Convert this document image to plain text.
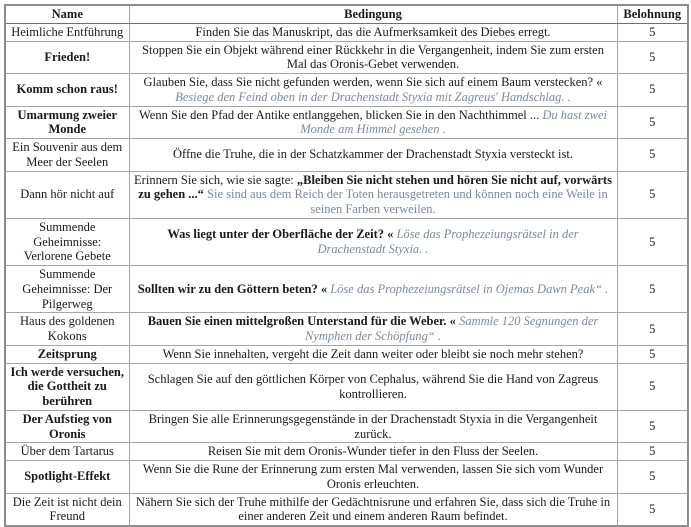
Name	Bedingung	Belohnung
Heimliche Entführung	Finden Sie das Manuskript, das die Aufmerksamkeit des Diebes erregt.	5
Frieden!	Stoppen Sie ein Objekt während einer Rückkehr in die Vergangenheit, indem Sie zum ersten Mal das Oronis-Gebet verwenden.	5
Komm schon raus!	Glauben Sie, dass Sie nicht gefunden werden, wenn Sie sich auf einem Baum verstecken? « Besiege den Feind oben in der Drachenstadt Styxia mit Zagreus' Handschlag. .	5
Umarmung zweier Monde	Wenn Sie den Pfad der Antike entlanggehen, blicken Sie in den Nachthimmel ... Du hast zwei Monde am Himmel gesehen .	5
Ein Souvenir aus dem Meer der Seelen	Öffne die Truhe, die in der Schatzkammer der Drachenstadt Styxia versteckt ist.	5
Dann hör nicht auf	Erinnern Sie sich, wie sie sagte: „Bleiben Sie nicht stehen und hören Sie nicht auf, vorwärts zu gehen ...“ Sie sind aus dem Reich der Toten herausgetreten und können noch eine Weile in seinen Farben verweilen.	5
Summende Geheimnisse: Verlorene Gebete	Was liegt unter der Oberfläche der Zeit? « Löse das Prophezeiungsrätsel in der Drachenstadt Styxia. .	5
Summende Geheimnisse: Der Pilgerweg	Sollten wir zu den Göttern beten? « Löse das Prophezeiungsrätsel in Ojemas Dawn Peak“ .	5
Haus des goldenen Kokons	Bauen Sie einen mittelgroßen Unterstand für die Weber. « Sammle 120 Segnungen der Nymphen der Schöpfung“ .	5
Zeitsprung	Wenn Sie innehalten, vergeht die Zeit dann weiter oder bleibt sie noch mehr stehen?	5
Ich werde versuchen, die Gottheit zu berühren	Schlagen Sie auf den göttlichen Körper von Cephalus, während Sie die Hand von Zagreus kontrollieren.	5
Der Aufstieg von Oronis	Bringen Sie alle Erinnerungsgegenstände in der Drachenstadt Styxia in die Vergangenheit zurück.	5
Über dem Tartarus	Reisen Sie mit dem Oronis-Wunder tiefer in den Fluss der Seelen.	5
Spotlight-Effekt	Wenn Sie die Rune der Erinnerung zum ersten Mal verwenden, lassen Sie sich vom Wunder Oronis erleuchten.	5
Die Zeit ist nicht dein Freund	Nähern Sie sich der Truhe mithilfe der Gedächtnisrune und erfahren Sie, dass sich die Truhe in einer anderen Zeit und einem anderen Raum befindet.	5
